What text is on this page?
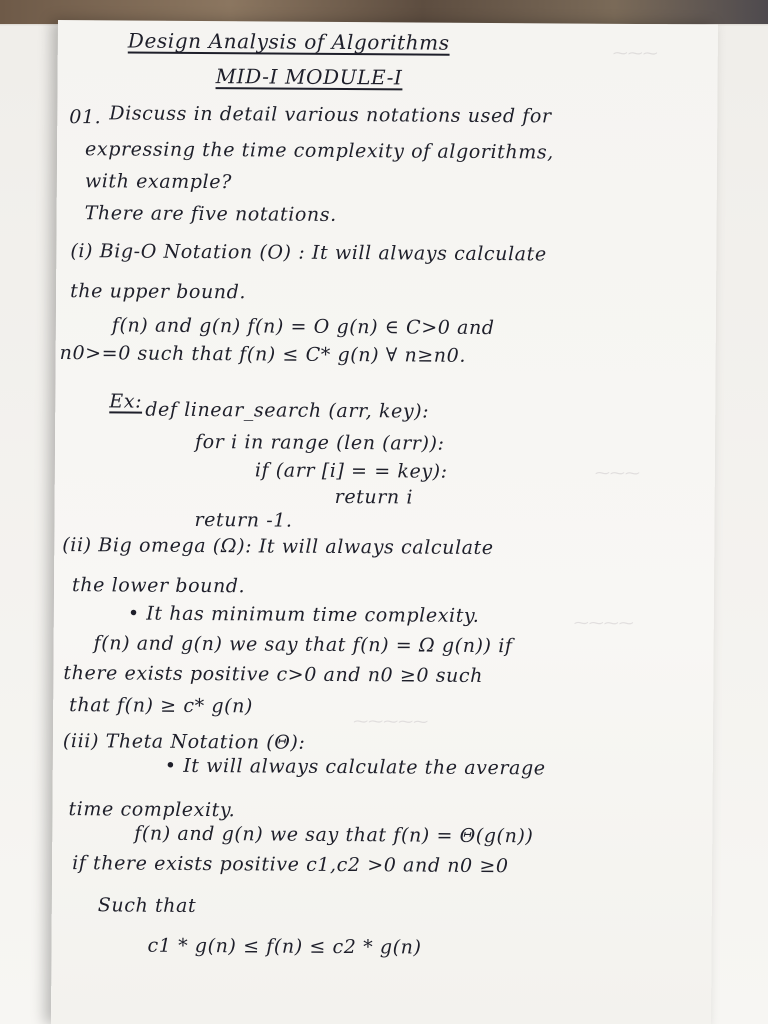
⁓⁓⁓
⁓⁓⁓⁓
⁓⁓⁓⁓⁓
⁓⁓⁓
Design Analysis of Algorithms
MID-I MODULE-I
01. Discuss in detail various notations used for
expressing the time complexity of algorithms,
with example?
There are five notations.
(i) Big-O Notation (O) : It will always calculate
the upper bound.
f(n) and g(n) f(n) = O g(n) ∈ C>0 and
n0>=0 such that f(n) ≤ C* g(n) ∀ n≥n0.
Ex: def linear_search (arr, key):
for i in range (len (arr)):
if (arr [i] = = key):
return i
return -1.
(ii) Big omega (Ω): It will always calculate
the lower bound.
• It has minimum time complexity.
f(n) and g(n) we say that f(n) = Ω g(n)) if
there exists positive c>0 and n0 ≥0 such
that f(n) ≥ c* g(n)
(iii) Theta Notation (Θ):
• It will always calculate the average
time complexity.
f(n) and g(n) we say that f(n) = Θ(g(n))
if there exists positive c1,c2 >0 and n0 ≥0
Such that
c1 * g(n) ≤ f(n) ≤ c2 * g(n)
